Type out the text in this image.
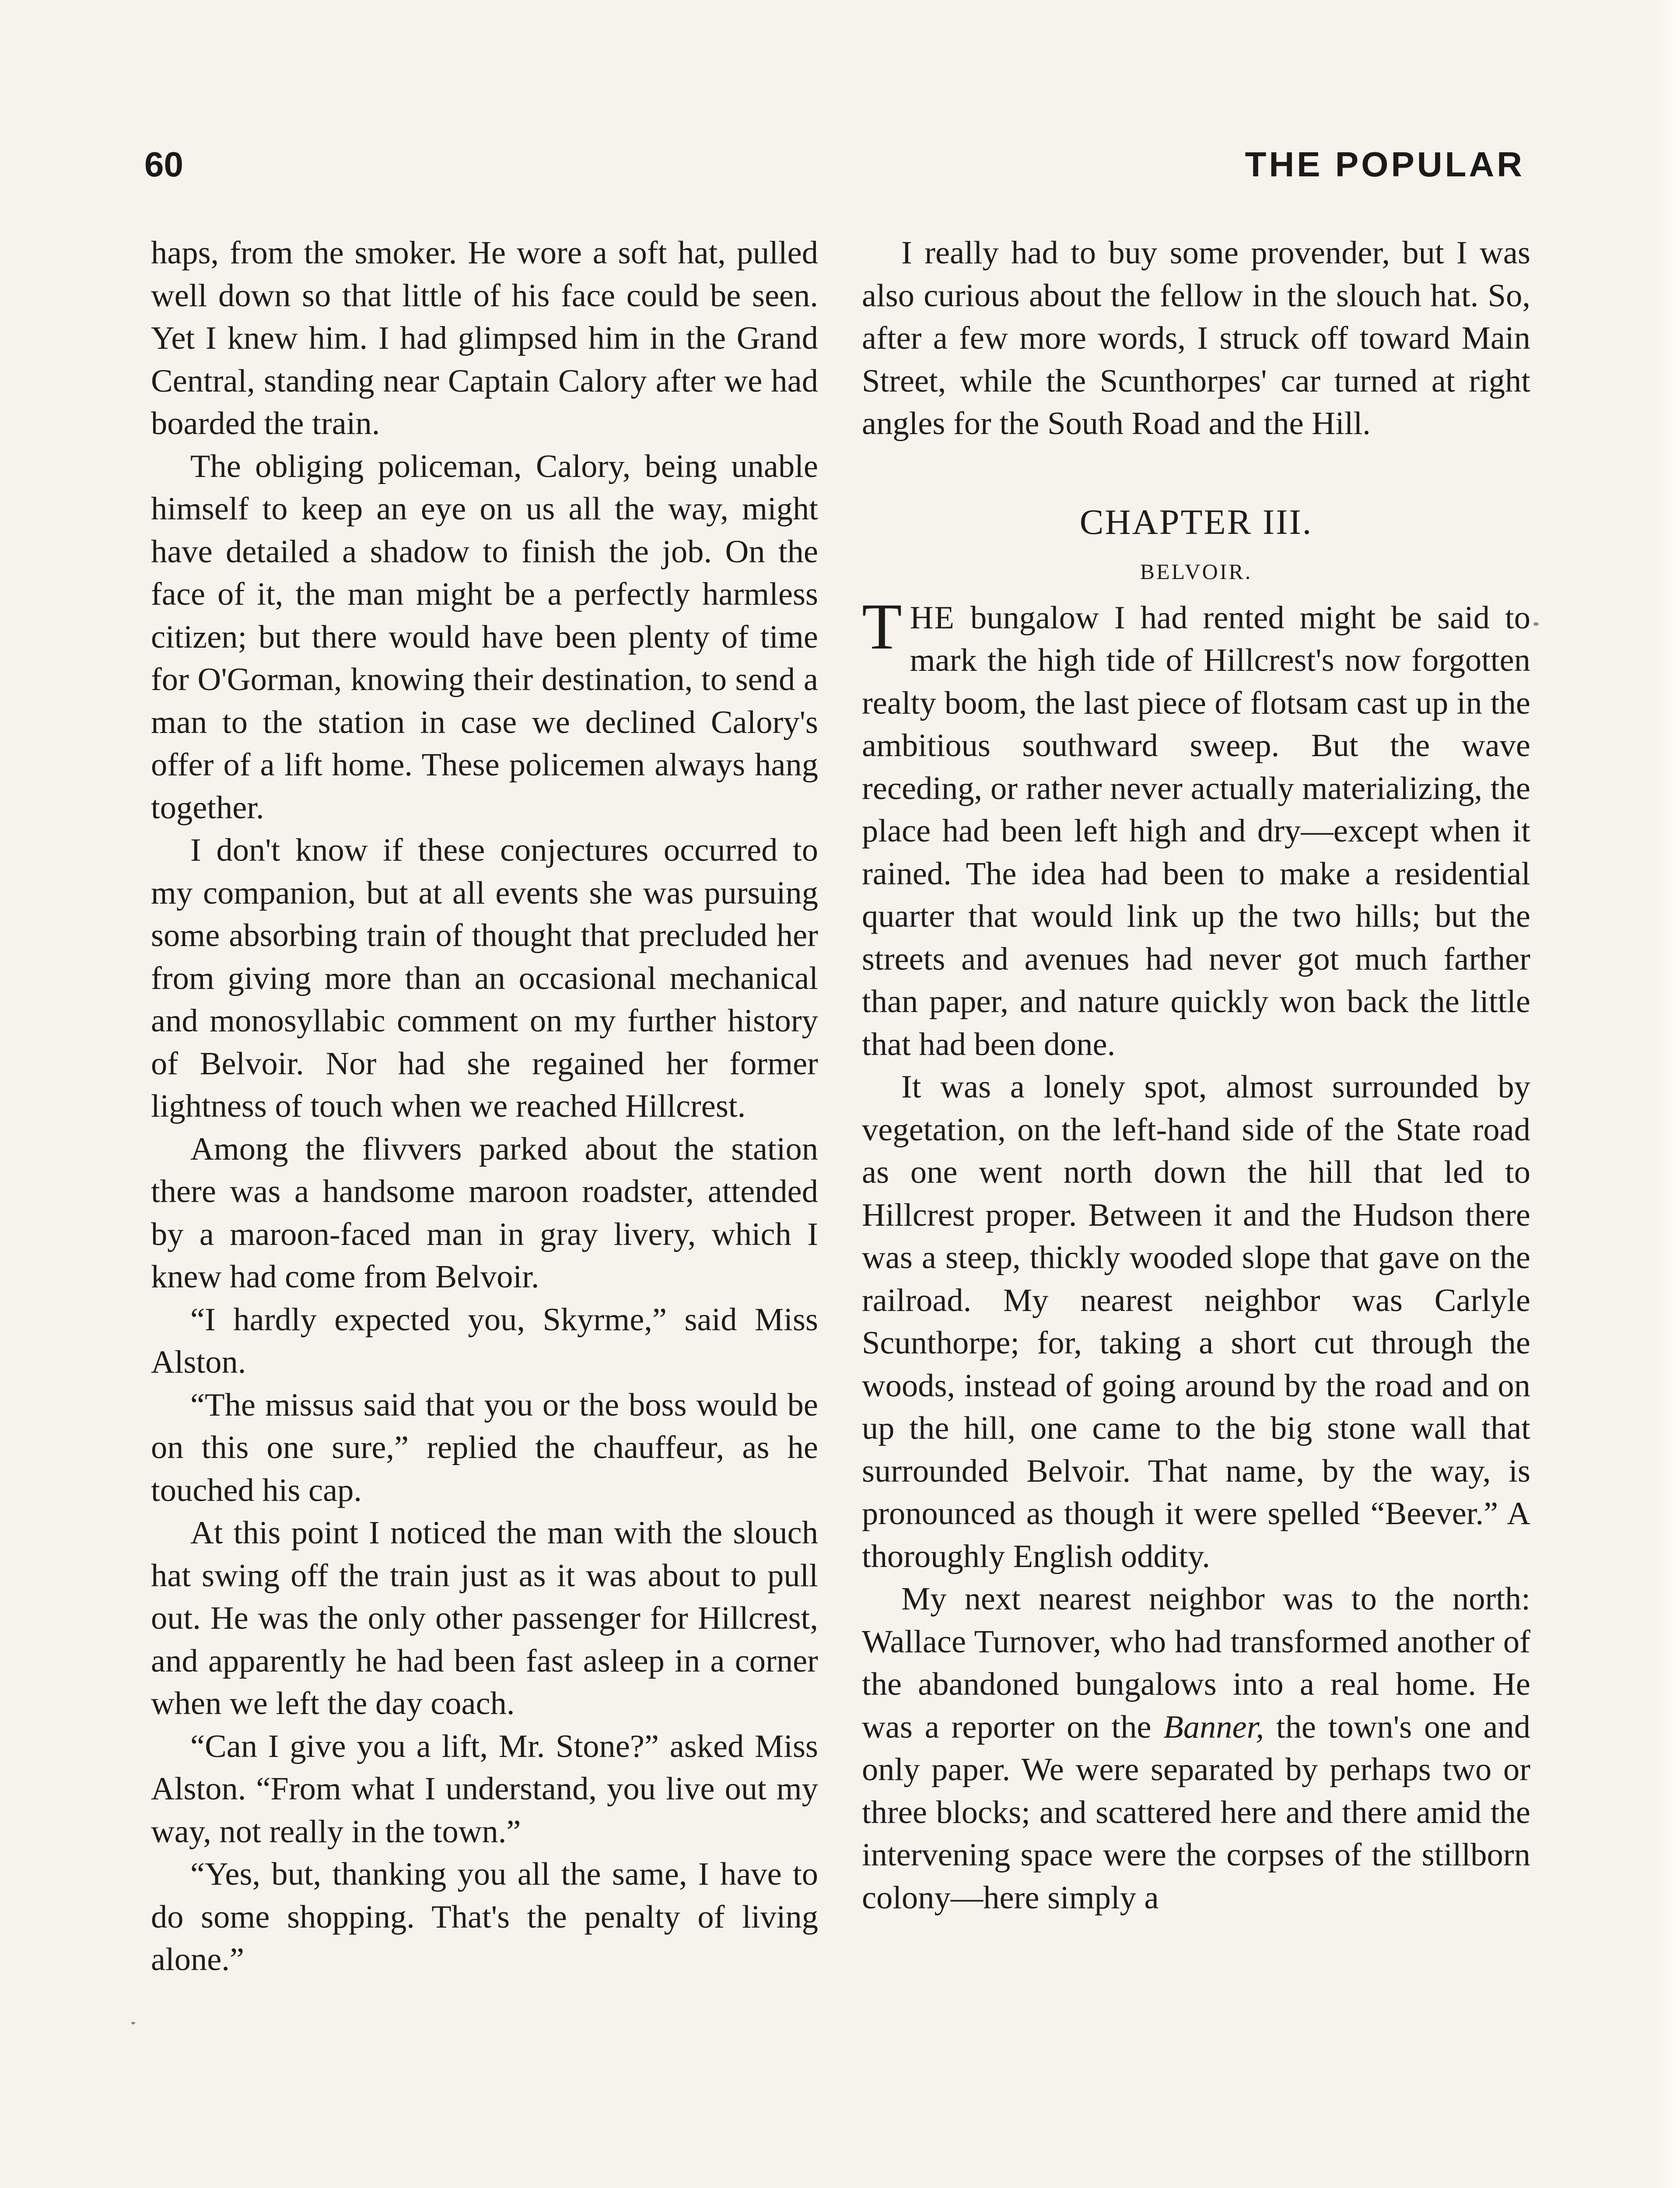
60	THE POPULAR

haps, from the smoker. He wore a soft hat, pulled well down so that little of his face could be seen. Yet I knew him. I had glimpsed him in the Grand Central, standing near Captain Calory after we had boarded the train.

The obliging policeman, Calory, being unable himself to keep an eye on us all the way, might have detailed a shadow to finish the job. On the face of it, the man might be a perfectly harmless citizen; but there would have been plenty of time for O'Gorman, knowing their destination, to send a man to the station in case we declined Calory's offer of a lift home. These policemen always hang together.

I don't know if these conjectures occurred to my companion, but at all events she was pursuing some absorbing train of thought that precluded her from giving more than an occasional mechanical and monosyllabic comment on my further history of Belvoir. Nor had she regained her former lightness of touch when we reached Hillcrest.

Among the flivvers parked about the station there was a handsome maroon roadster, attended by a maroon-faced man in gray livery, which I knew had come from Belvoir.

“I hardly expected you, Skyrme,” said Miss Alston.

“The missus said that you or the boss would be on this one sure,” replied the chauffeur, as he touched his cap.

At this point I noticed the man with the slouch hat swing off the train just as it was about to pull out. He was the only other passenger for Hillcrest, and apparently he had been fast asleep in a corner when we left the day coach.

“Can I give you a lift, Mr. Stone?” asked Miss Alston. “From what I understand, you live out my way, not really in the town.”

“Yes, but, thanking you all the same, I have to do some shopping. That's the penalty of living alone.”

I really had to buy some provender, but I was also curious about the fellow in the slouch hat. So, after a few more words, I struck off toward Main Street, while the Scunthorpes' car turned at right angles for the South Road and the Hill.

CHAPTER III.
BELVOIR.

THE bungalow I had rented might be said to mark the high tide of Hillcrest's now forgotten realty boom, the last piece of flotsam cast up in the ambitious southward sweep. But the wave receding, or rather never actually materializing, the place had been left high and dry—except when it rained. The idea had been to make a residential quarter that would link up the two hills; but the streets and avenues had never got much farther than paper, and nature quickly won back the little that had been done.

It was a lonely spot, almost surrounded by vegetation, on the left-hand side of the State road as one went north down the hill that led to Hillcrest proper. Between it and the Hudson there was a steep, thickly wooded slope that gave on the railroad. My nearest neighbor was Carlyle Scunthorpe; for, taking a short cut through the woods, instead of going around by the road and on up the hill, one came to the big stone wall that surrounded Belvoir. That name, by the way, is pronounced as though it were spelled “Beever.” A thoroughly English oddity.

My next nearest neighbor was to the north: Wallace Turnover, who had transformed another of the abandoned bungalows into a real home. He was a reporter on the Banner, the town's one and only paper. We were separated by perhaps two or three blocks; and scattered here and there amid the intervening space were the corpses of the stillborn colony—here simply a
